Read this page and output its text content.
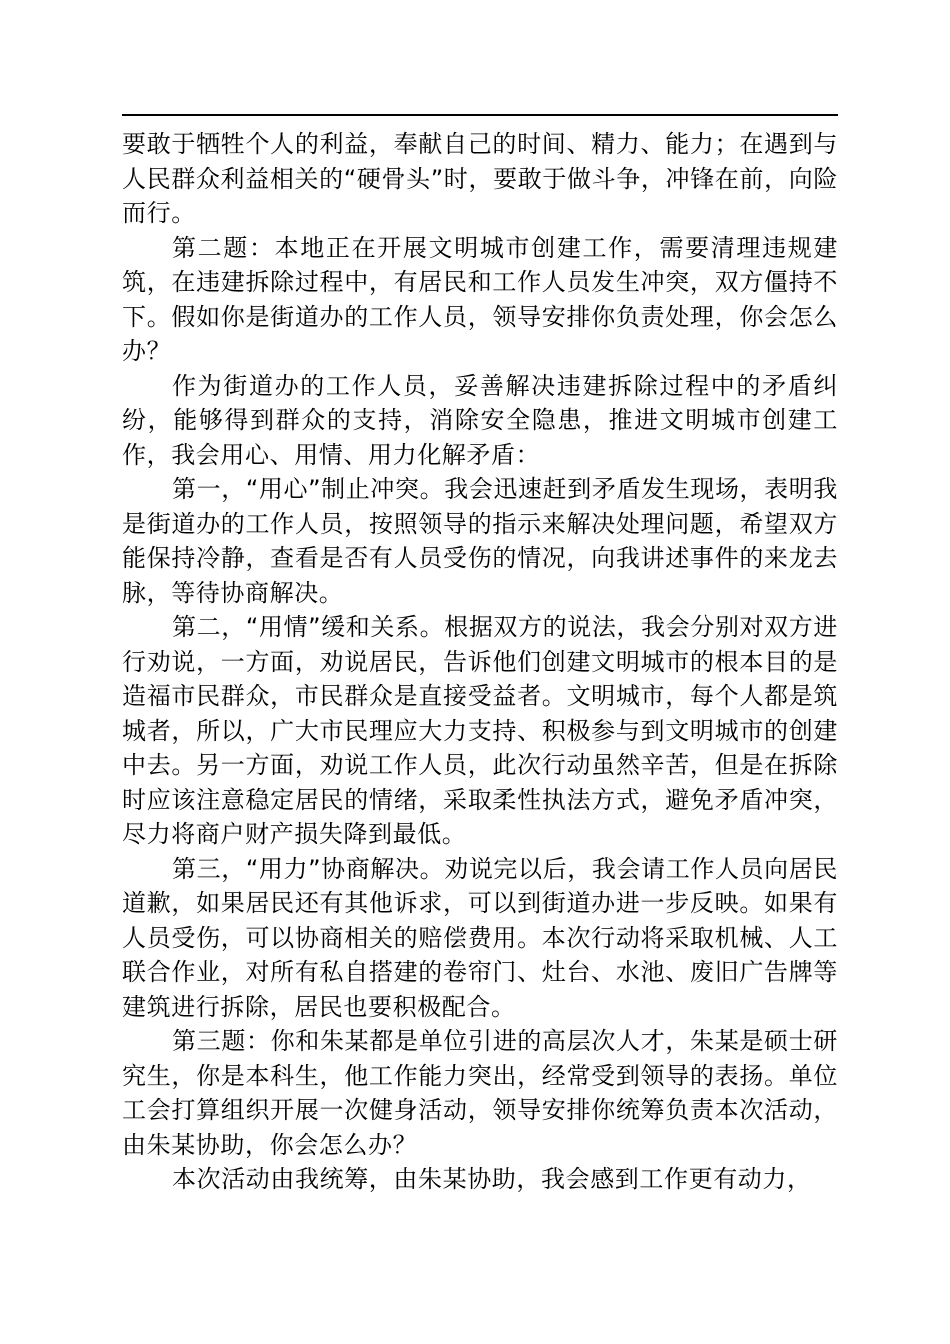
要敢于牺牲个人的利益，奉献自己的时间、精力、能力；在遇到与人民群众利益相关的“硬骨头”时，要敢于做斗争，冲锋在前，向险而行。

第二题：本地正在开展文明城市创建工作，需要清理违规建筑，在违建拆除过程中，有居民和工作人员发生冲突，双方僵持不下。假如你是街道办的工作人员，领导安排你负责处理，你会怎么办？

作为街道办的工作人员，妥善解决违建拆除过程中的矛盾纠纷，能够得到群众的支持，消除安全隐患，推进文明城市创建工作，我会用心、用情、用力化解矛盾：

第一，“用心”制止冲突。我会迅速赶到矛盾发生现场，表明我是街道办的工作人员，按照领导的指示来解决处理问题，希望双方能保持冷静，查看是否有人员受伤的情况，向我讲述事件的来龙去脉，等待协商解决。

第二，“用情”缓和关系。根据双方的说法，我会分别对双方进行劝说，一方面，劝说居民，告诉他们创建文明城市的根本目的是造福市民群众，市民群众是直接受益者。文明城市，每个人都是筑城者，所以，广大市民理应大力支持、积极参与到文明城市的创建中去。另一方面，劝说工作人员，此次行动虽然辛苦，但是在拆除时应该注意稳定居民的情绪，采取柔性执法方式，避免矛盾冲突，尽力将商户财产损失降到最低。

第三，“用力”协商解决。劝说完以后，我会请工作人员向居民道歉，如果居民还有其他诉求，可以到街道办进一步反映。如果有人员受伤，可以协商相关的赔偿费用。本次行动将采取机械、人工联合作业，对所有私自搭建的卷帘门、灶台、水池、废旧广告牌等建筑进行拆除，居民也要积极配合。

第三题：你和朱某都是单位引进的高层次人才，朱某是硕士研究生，你是本科生，他工作能力突出，经常受到领导的表扬。单位工会打算组织开展一次健身活动，领导安排你统筹负责本次活动，由朱某协助，你会怎么办？

本次活动由我统筹，由朱某协助，我会感到工作更有动力，
